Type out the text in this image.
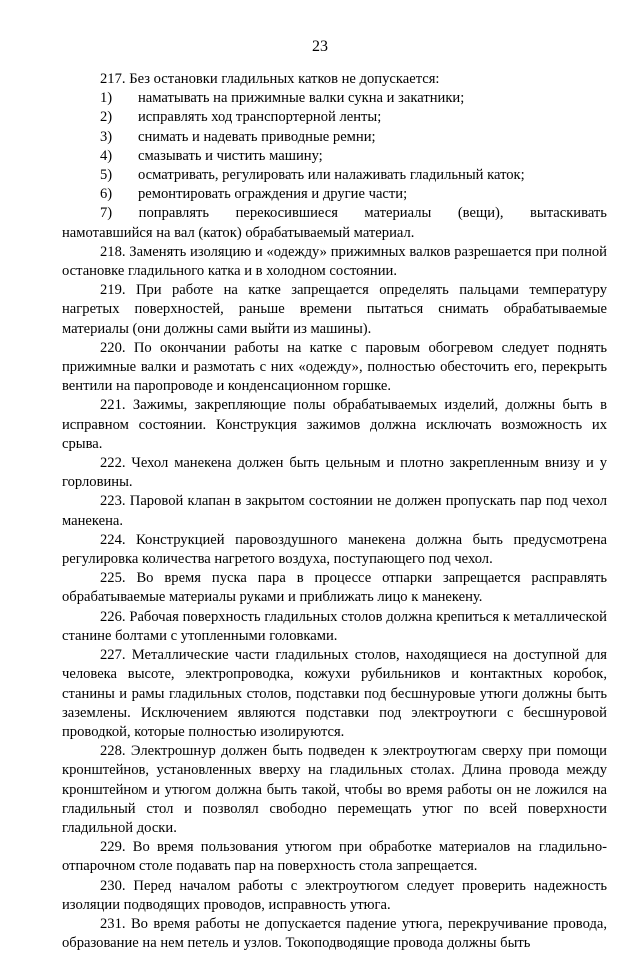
23

217. Без остановки гладильных катков не допускается:

1)	наматывать на прижимные валки сукна и закатники;
2)	исправлять ход транспортерной ленты;
3)	снимать и надевать приводные ремни;
4)	смазывать и чистить машину;
5)	осматривать, регулировать или налаживать гладильный каток;
6)	ремонтировать ограждения и другие части;
7) поправлять перекосившиеся материалы (вещи), вытаскивать

намотавшийся на вал (каток) обрабатываемый материал.

218. Заменять изоляцию и «одежду» прижимных валков разрешается при полной остановке гладильного катка и в холодном состоянии.

219. При работе на катке запрещается определять пальцами температуру нагретых поверхностей, раньше времени пытаться снимать обрабатываемые материалы (они должны сами выйти из машины).

220. По окончании работы на катке с паровым обогревом следует поднять прижимные валки и размотать с них «одежду», полностью обесточить его, перекрыть вентили на паропроводе и конденсационном горшке.

221. Зажимы, закрепляющие полы обрабатываемых изделий, должны быть в исправном состоянии. Конструкция зажимов должна исключать возможность их срыва.

222. Чехол манекена должен быть цельным и плотно закрепленным внизу и у горловины.

223. Паровой клапан в закрытом состоянии не должен пропускать пар под чехол манекена.

224. Конструкцией паровоздушного манекена должна быть предусмотрена регулировка количества нагретого воздуха, поступающего под чехол.

225. Во время пуска пара в процессе отпарки запрещается расправлять обрабатываемые материалы руками и приближать лицо к манекену.

226. Рабочая поверхность гладильных столов должна крепиться к металлической станине болтами с утопленными головками.

227. Металлические части гладильных столов, находящиеся на доступной для человека высоте, электропроводка, кожухи рубильников и контактных коробок, станины и рамы гладильных столов, подставки под бесшнуровые утюги должны быть заземлены. Исключением являются подставки под электроутюги с бесшнуровой проводкой, которые полностью изолируются.

228. Электрошнур должен быть подведен к электроутюгам сверху при помощи кронштейнов, установленных вверху на гладильных столах. Длина провода между кронштейном и утюгом должна быть такой, чтобы во время работы он не ложился на гладильный стол и позволял свободно перемещать утюг по всей поверхности гладильной доски.

229. Во время пользования утюгом при обработке материалов на гладильно-отпарочном столе подавать пар на поверхность стола запрещается.

230. Перед началом работы с электроутюгом следует проверить надежность изоляции подводящих проводов, исправность утюга.

231. Во время работы не допускается падение утюга, перекручивание провода, образование на нем петель и узлов. Токоподводящие провода должны быть
